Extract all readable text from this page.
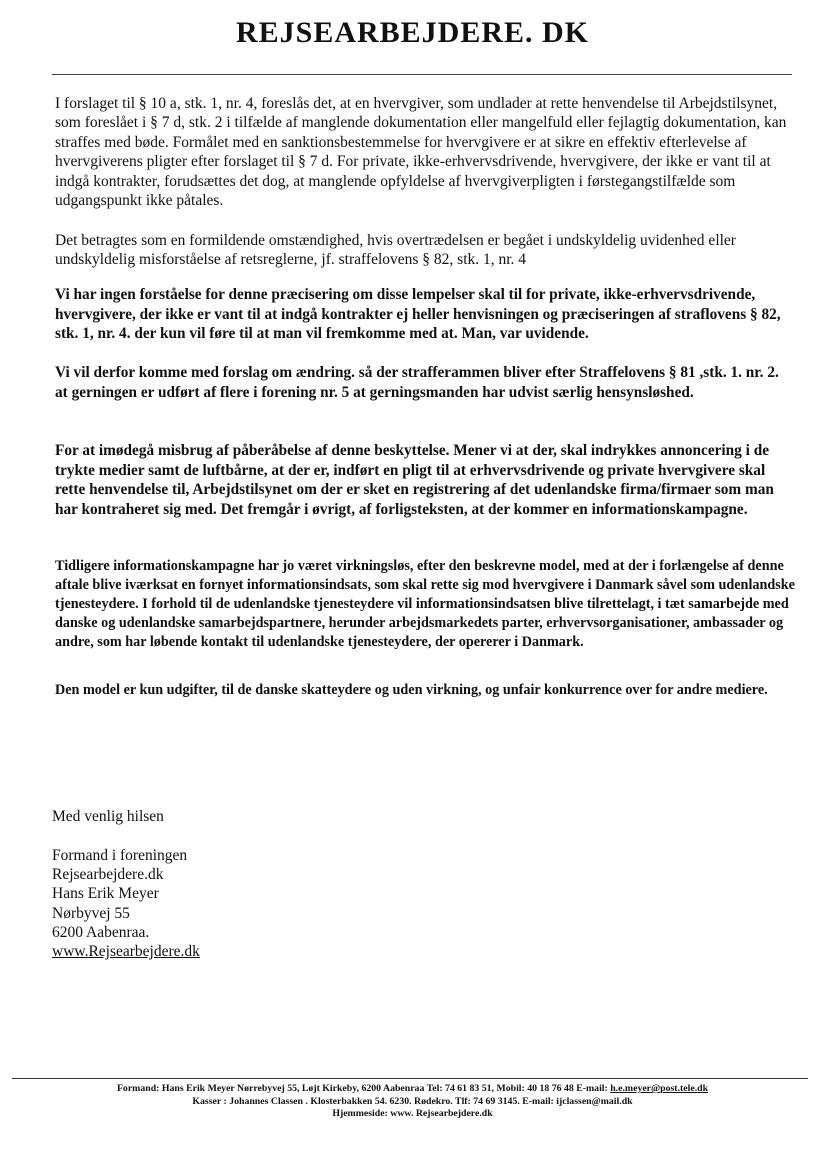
REJSEARBEJDERE. DK

I forslaget til § 10 a, stk. 1, nr. 4, foreslås det, at en hvervgiver, som undlader at rette henvendelse til Arbejdstilsynet, som foreslået i § 7 d, stk. 2 i tilfælde af manglende dokumentation eller mangelfuld eller fejlagtig dokumentation, kan straffes med bøde. Formålet med en sanktionsbestemmelse for hvervgivere er at sikre en effektiv efterlevelse af hvervgiverens pligter efter forslaget til § 7 d. For private, ikke-erhvervsdrivende, hvervgivere, der ikke er vant til at indgå kontrakter, forudsættes det dog, at manglende opfyldelse af hvervgiverpligten i førstegangstilfælde som udgangspunkt ikke påtales.

Det betragtes som en formildende omstændighed, hvis overtrædelsen er begået i undskyldelig uvidenhed eller undskyldelig misforståelse af retsreglerne, jf. straffelovens § 82, stk. 1, nr. 4

Vi har ingen forståelse for denne præcisering om disse lempelser skal til for private, ikke-erhvervsdrivende, hvervgivere, der ikke er vant til at indgå kontrakter ej heller henvisningen og præciseringen af straflovens § 82, stk. 1, nr. 4. der kun vil føre til at man vil fremkomme med at. Man, var uvidende.

Vi vil derfor komme med forslag om ændring. så der strafferammen bliver efter Straffelovens § 81 ,stk. 1. nr. 2. at gerningen er udført af flere i forening nr. 5 at gerningsmanden har udvist særlig hensynsløshed.

For at imødegå misbrug af påberåbelse af denne beskyttelse. Mener vi at der, skal indrykkes annoncering i de trykte medier samt de luftbårne, at der er, indført en pligt til at erhvervsdrivende og private hvervgivere skal rette henvendelse til, Arbejdstilsynet om der er sket en registrering af det udenlandske firma/firmaer som man har kontraheret sig med. Det fremgår i øvrigt, af forligsteksten, at der kommer en informationskampagne.

Tidligere informationskampagne har jo været virkningsløs, efter den beskrevne model, med at der i forlængelse af denne aftale blive iværksat en fornyet informationsindsats, som skal rette sig mod hvervgivere i Danmark såvel som udenlandske tjenesteydere. I forhold til de udenlandske tjenesteydere vil informationsindsatsen blive tilrettelagt, i tæt samarbejde med danske og udenlandske samarbejdspartnere, herunder arbejdsmarkedets parter, erhvervsorganisationer, ambassader og andre, som har løbende kontakt til udenlandske tjenesteydere, der opererer i Danmark.

Den model er kun udgifter, til de danske skatteydere og uden virkning, og unfair konkurrence over for andre mediere.

Med venlig hilsen

Formand i foreningen
Rejsearbejdere.dk
Hans Erik Meyer
Nørbyvej 55
6200 Aabenraa.
www.Rejsearbejdere.dk
Formand: Hans Erik Meyer Nørrebyvej 55, Løjt Kirkeby, 6200 Aabenraa Tel: 74 61 83 51, Mobil: 40 18 76 48 E-mail: h.e.meyer@post.tele.dk
Kasser : Johannes Classen . Klosterbakken 54. 6230. Rødekro. Tlf: 74 69 3145. E-mail: ijclassen@mail.dk
Hjemmeside: www. Rejsearbejdere.dk
